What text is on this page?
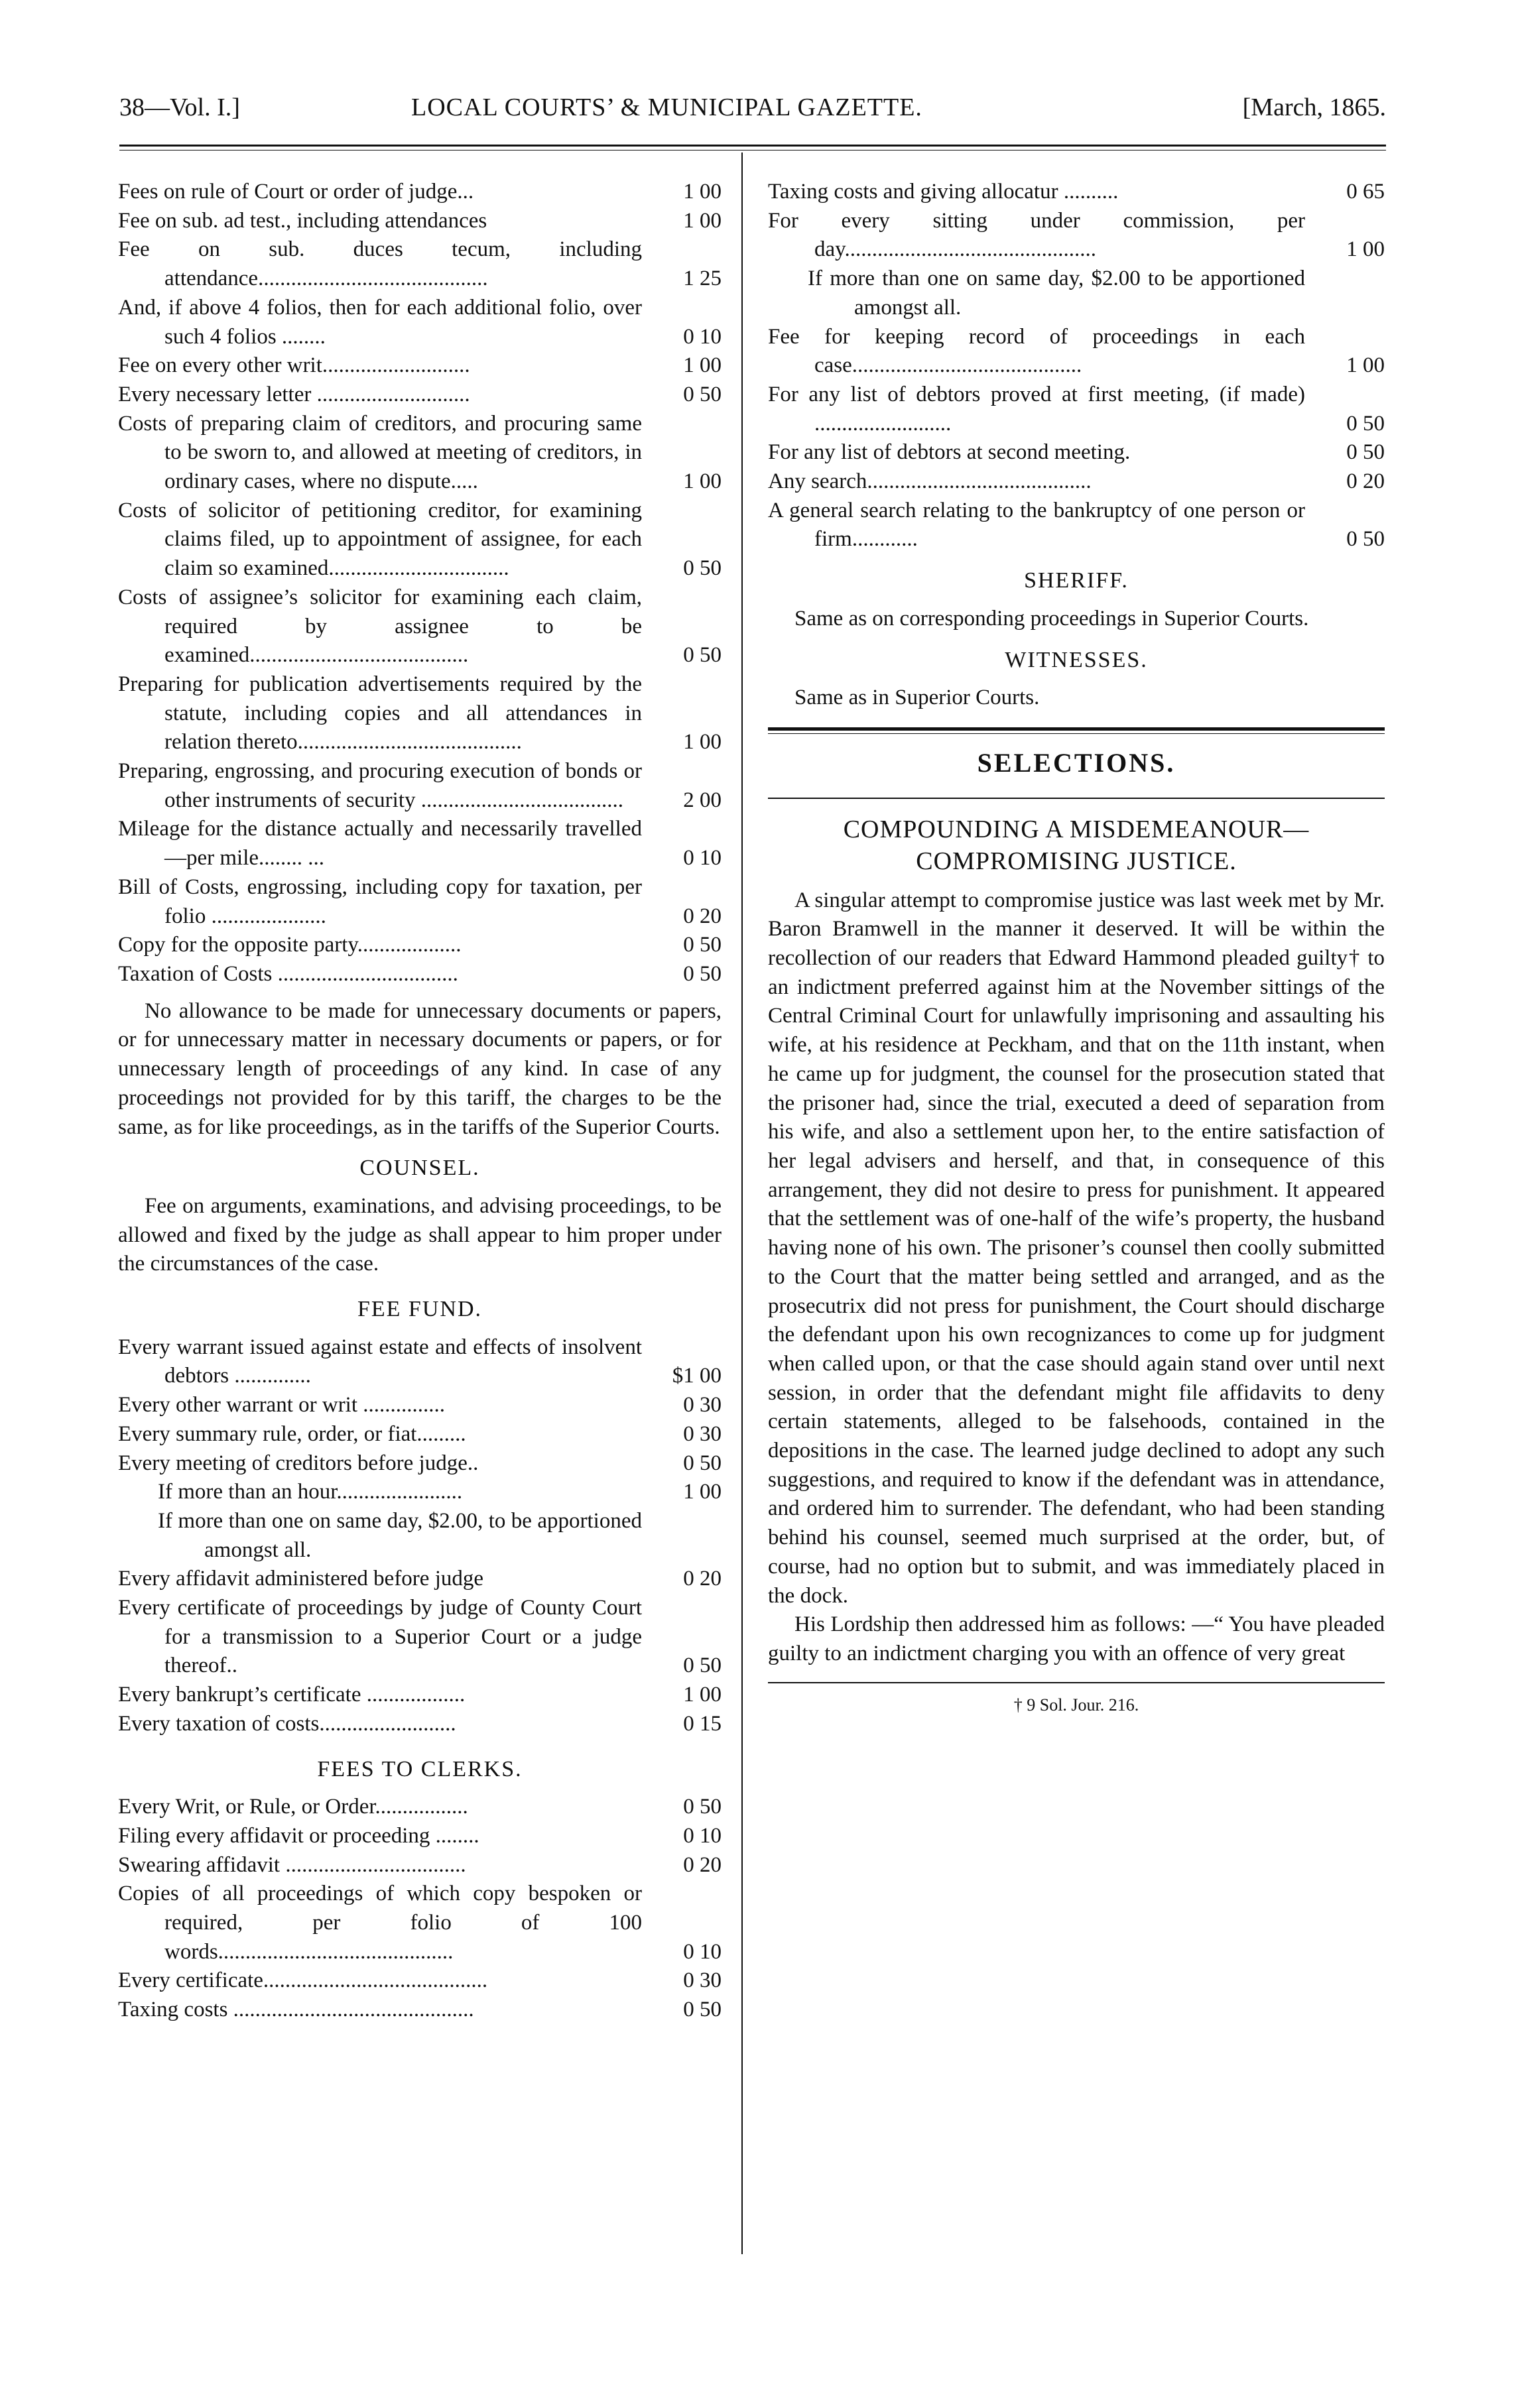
38—Vol. I.]	LOCAL COURTS’ & MUNICIPAL GAZETTE.	[March, 1865.
Fees on rule of Court or order of judge...	1 00
Fee on sub. ad test., including attendances	1 00
Fee on sub. duces tecum, including attendance..........................................	1 25
And, if above 4 folios, then for each additional folio, over such 4 folios ........	0 10
Fee on every other writ...........................	1 00
Every necessary letter ............................	0 50
Costs of preparing claim of creditors, and procuring same to be sworn to, and allowed at meeting of creditors, in ordinary cases, where no dispute.....	1 00
Costs of solicitor of petitioning creditor, for examining claims filed, up to appointment of assignee, for each claim so examined.................................	0 50
Costs of assignee’s solicitor for examining each claim, required by assignee to be examined........................................	0 50
Preparing for publication advertisements required by the statute, including copies and all attendances in relation thereto.........................................	1 00
Preparing, engrossing, and procuring execution of bonds or other instruments of security .....................................	2 00
Mileage for the distance actually and necessarily travelled—per mile........ ...	0 10
Bill of Costs, engrossing, including copy for taxation, per folio .....................	0 20
Copy for the opposite party...................	0 50
Taxation of Costs .................................	0 50

No allowance to be made for unnecessary documents or papers, or for unnecessary matter in necessary documents or papers, or for unnecessary length of proceedings of any kind. In case of any proceedings not provided for by this tariff, the charges to be the same, as for like proceedings, as in the tariffs of the Superior Courts.

COUNSEL.

Fee on arguments, examinations, and advising proceedings, to be allowed and fixed by the judge as shall appear to him proper under the circumstances of the case.

FEE FUND.
Every warrant issued against estate and effects of insolvent debtors ..............	$1 00
Every other warrant or writ ...............	0 30
Every summary rule, order, or fiat.........	0 30
Every meeting of creditors before judge..	0 50
If more than an hour.......................	1 00
If more than one on same day, $2.00, to be apportioned amongst all.
Every affidavit administered before judge	0 20
Every certificate of proceedings by judge of County Court for a transmission to a Superior Court or a judge thereof..	0 50
Every bankrupt’s certificate ..................	1 00
Every taxation of costs.........................	0 15
FEES TO CLERKS.
Every Writ, or Rule, or Order.................	0 50
Filing every affidavit or proceeding ........	0 10
Swearing affidavit .................................	0 20
Copies of all proceedings of which copy bespoken or required, per folio of 100 words...........................................	0 10
Every certificate.........................................	0 30
Taxing costs ............................................	0 50
Taxing costs and giving allocatur ..........	0 65
For every sitting under commission, per day..............................................	1 00
If more than one on same day, $2.00 to be apportioned amongst all.
Fee for keeping record of proceedings in each case..........................................	1 00
For any list of debtors proved at first meeting, (if made) .........................	0 50
For any list of debtors at second meeting.	0 50
Any search.........................................	0 20
A general search relating to the bankruptcy of one person or firm............	0 50
SHERIFF.

Same as on corresponding proceedings in Superior Courts.

WITNESSES.

Same as in Superior Courts.

SELECTIONS.
COMPOUNDING A MISDEMEANOUR— COMPROMISING JUSTICE.

A singular attempt to compromise justice was last week met by Mr. Baron Bramwell in the manner it deserved. It will be within the recollection of our readers that Edward Hammond pleaded guilty† to an indictment preferred against him at the November sittings of the Central Criminal Court for unlawfully imprisoning and assaulting his wife, at his residence at Peckham, and that on the 11th instant, when he came up for judgment, the counsel for the prosecution stated that the prisoner had, since the trial, executed a deed of separation from his wife, and also a settlement upon her, to the entire satisfaction of her legal advisers and herself, and that, in consequence of this arrangement, they did not desire to press for punishment. It appeared that the settlement was of one-half of the wife’s property, the husband having none of his own. The prisoner’s counsel then coolly submitted to the Court that the matter being settled and arranged, and as the prosecutrix did not press for punishment, the Court should discharge the defendant upon his own recognizances to come up for judgment when called upon, or that the case should again stand over until next session, in order that the defendant might file affidavits to deny certain statements, alleged to be falsehoods, contained in the depositions in the case. The learned judge declined to adopt any such suggestions, and required to know if the defendant was in attendance, and ordered him to surrender. The defendant, who had been standing behind his counsel, seemed much surprised at the order, but, of course, had no option but to submit, and was immediately placed in the dock.

His Lordship then addressed him as follows: —“ You have pleaded guilty to an indictment charging you with an offence of very great

† 9 Sol. Jour. 216.
